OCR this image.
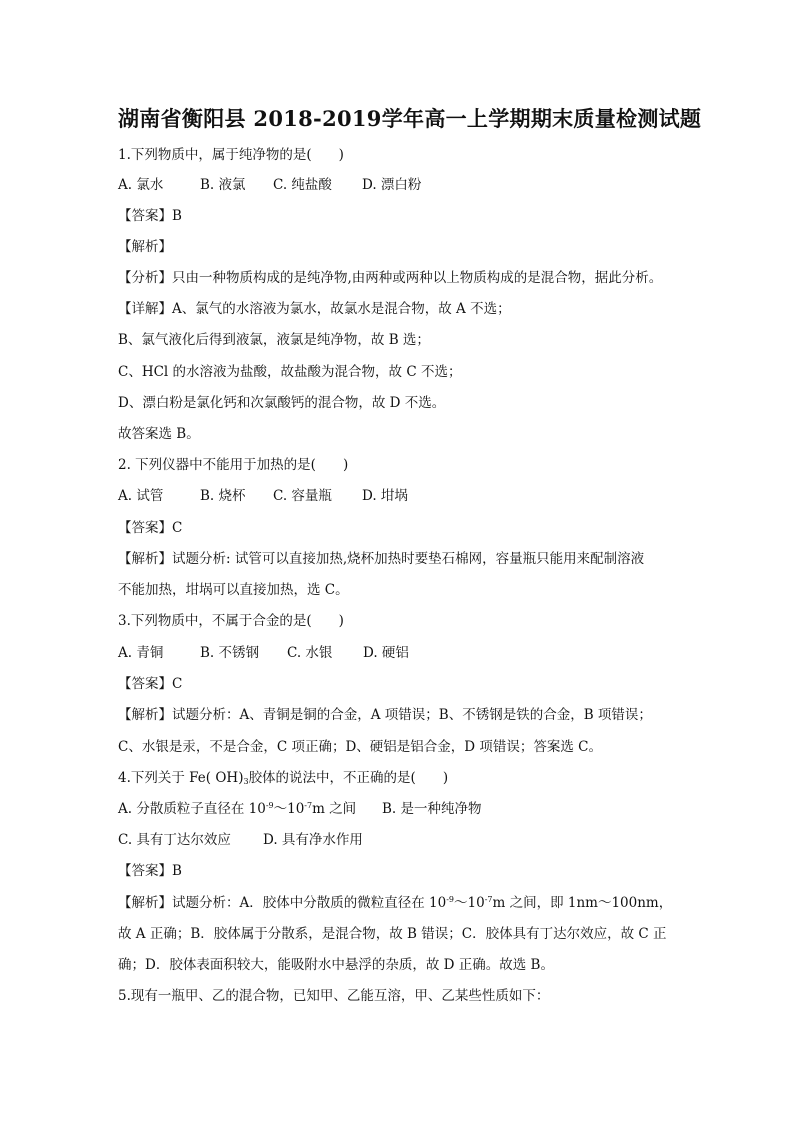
湖南省衡阳县 2018-2019学年高一上学期期末质量检测试题
1.下列物质中，属于纯净物的是(　　)
A. 氯水	B. 液氯 C. 纯盐酸 D. 漂白粉
【答案】B
【解析】
【分析】只由一种物质构成的是纯净物,由两种或两种以上物质构成的是混合物，据此分析。
【详解】A、氯气的水溶液为氯水，故氯水是混合物，故 A 不选；
B、氯气液化后得到液氯，液氯是纯净物，故 B 选；
C、HCl 的水溶液为盐酸，故盐酸为混合物，故 C 不选；
D、漂白粉是氯化钙和次氯酸钙的混合物，故 D 不选。
故答案选 B。
2. 下列仪器中不能用于加热的是(　　)
A. 试管	B. 烧杯 C. 容量瓶 D. 坩埚
【答案】C
【解析】试题分析: 试管可以直接加热,烧杯加热时要垫石棉网，容量瓶只能用来配制溶液
不能加热，坩埚可以直接加热，选 C。
3.下列物质中，不属于合金的是(　　)
A. 青铜	B. 不锈钢 C. 水银 D. 硬铝
【答案】C
【解析】试题分析：A、青铜是铜的合金，A 项错误；B、不锈钢是铁的合金，B 项错误；
C、水银是汞，不是合金，C 项正确；D、硬铝是铝合金，D 项错误；答案选 C。
4.下列关于 Fe( $OH)_3$胶体的说法中，不正确的是(　　)
A. 分散质粒子直径在 $10^{-9}\sim 10^{-7}m$ 之间 B. 是一种纯净物
C. 具有丁达尔效应 D. 具有净水作用
【答案】B
【解析】试题分析：A．胶体中分散质的微粒直径在 $10^{-9}\sim 10^{-7}m$ 之间，即 1nm～100nm，
故 A 正确；B．胶体属于分散系，是混合物，故 B 错误；C．胶体具有丁达尔效应，故 C 正
确；D．胶体表面积较大，能吸附水中悬浮的杂质，故 D 正确。故选 B。
5.现有一瓶甲、乙的混合物，已知甲、乙能互溶，甲、乙某些性质如下：
